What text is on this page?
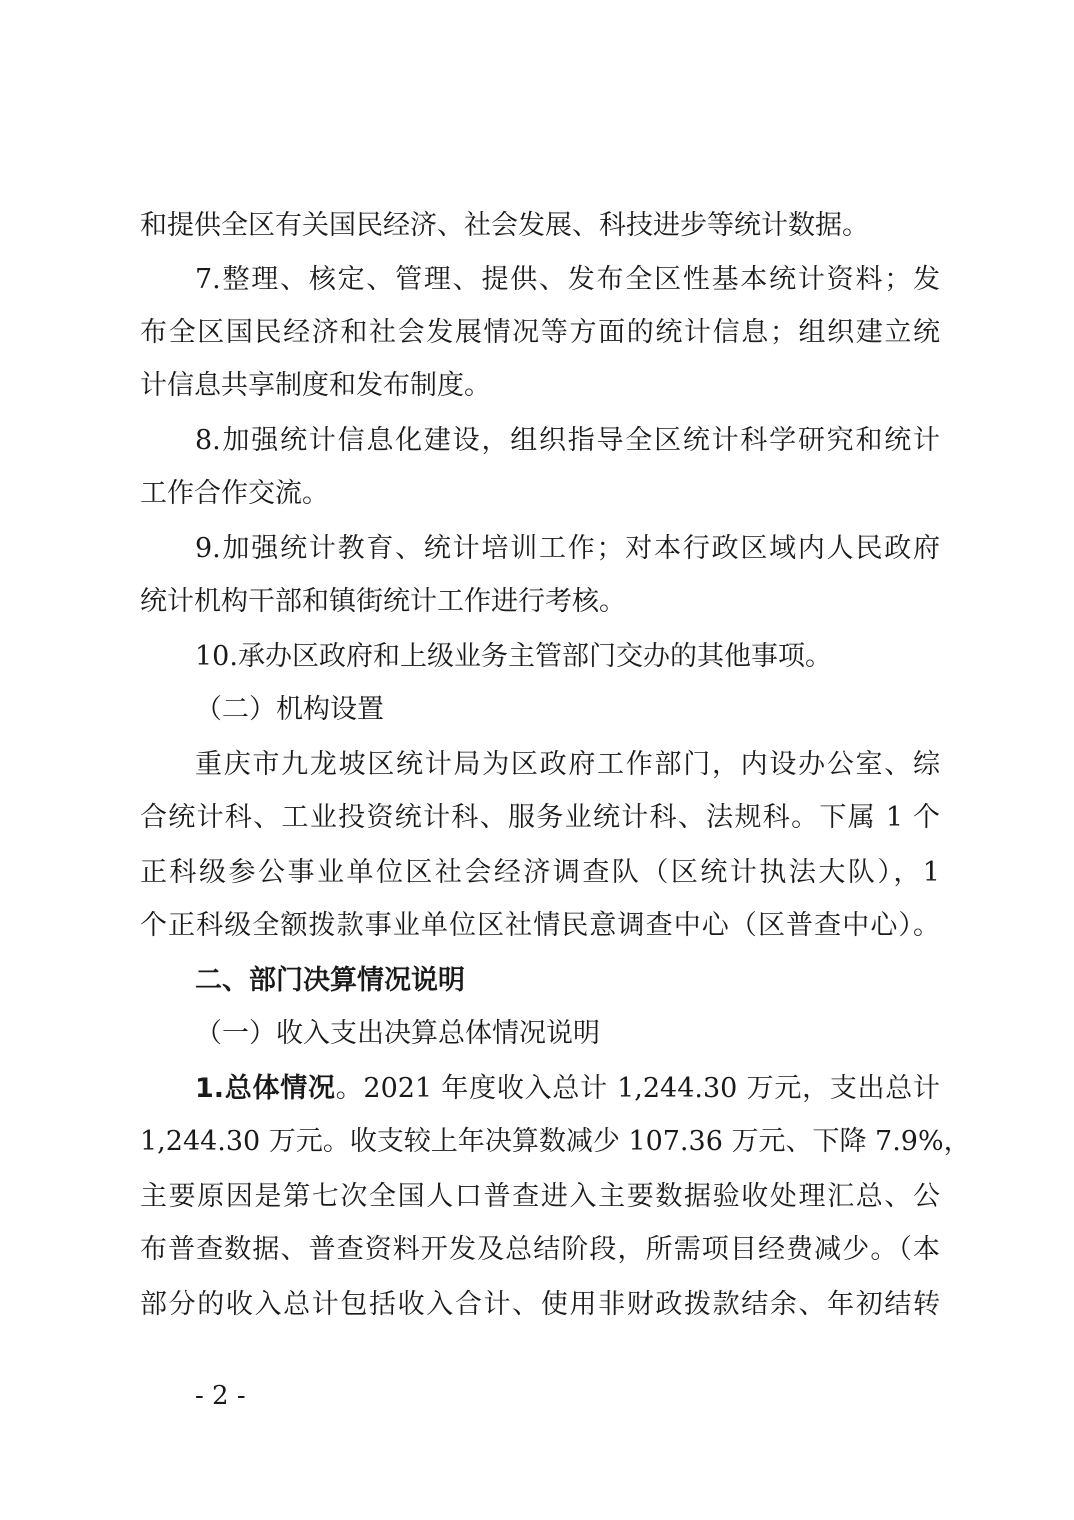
和提供全区有关国民经济、社会发展、科技进步等统计数据。
7.整理、核定、管理、提供、发布全区性基本统计资料；发
布全区国民经济和社会发展情况等方面的统计信息；组织建立统
计信息共享制度和发布制度。
8.加强统计信息化建设，组织指导全区统计科学研究和统计
工作合作交流。
9.加强统计教育、统计培训工作；对本行政区域内人民政府
统计机构干部和镇街统计工作进行考核。
10.承办区政府和上级业务主管部门交办的其他事项。
（二）机构设置
重庆市九龙坡区统计局为区政府工作部门，内设办公室、综
合统计科、工业投资统计科、服务业统计科、法规科。下属 1 个
正科级参公事业单位区社会经济调查队（区统计执法大队），1
个正科级全额拨款事业单位区社情民意调查中心（区普查中心）。
二、部门决算情况说明
（一）收入支出决算总体情况说明
1.总体情况。2021 年度收入总计 1,244.30 万元，支出总计
1,244.30 万元。收支较上年决算数减少 107.36 万元、下降 7.9%，
主要原因是第七次全国人口普查进入主要数据验收处理汇总、公
布普查数据、普查资料开发及总结阶段，所需项目经费减少。（本
部分的收入总计包括收入合计、使用非财政拨款结余、年初结转
- 2 -
